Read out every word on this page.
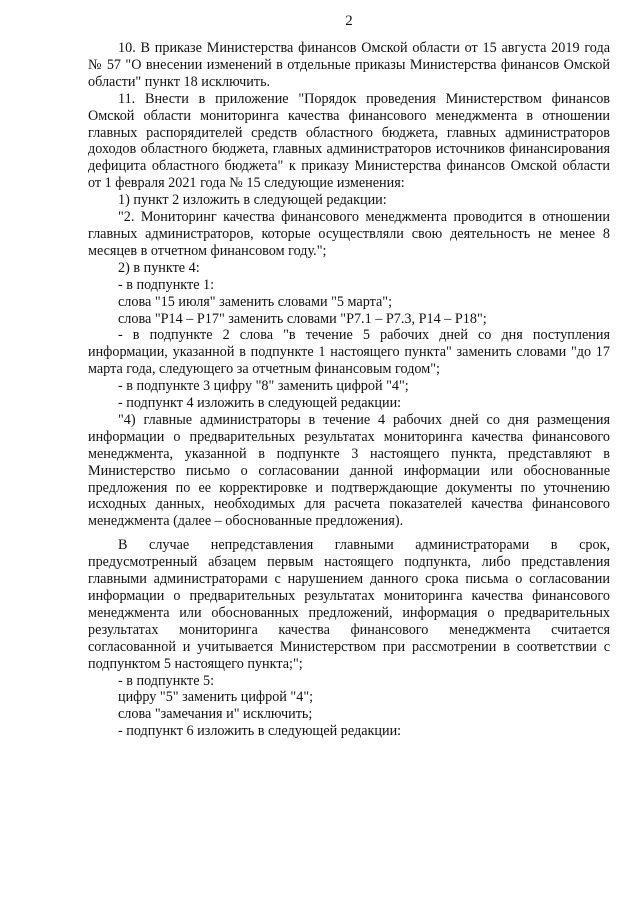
2

10. В приказе Министерства финансов Омской области от 15 августа 2019 года № 57 "О внесении изменений в отдельные приказы Министерства финансов Омской области" пункт 18 исключить.

11. Внести в приложение "Порядок проведения Министерством финансов Омской области мониторинга качества финансового менеджмента в отношении главных распорядителей средств областного бюджета, главных администраторов доходов областного бюджета, главных администраторов источников финансирования дефицита областного бюджета" к приказу Министерства финансов Омской области от 1 февраля 2021 года № 15 следующие изменения:

1) пункт 2 изложить в следующей редакции:

"2. Мониторинг качества финансового менеджмента проводится в отношении главных администраторов, которые осуществляли свою деятельность не менее 8 месяцев в отчетном финансовом году.";

2) в пункте 4:

- в подпункте 1:

слова "15 июля" заменить словами "5 марта";

слова "Р14 – Р17" заменить словами "Р7.1 – Р7.3, Р14 – Р18";

- в подпункте 2 слова "в течение 5 рабочих дней со дня поступления информации, указанной в подпункте 1 настоящего пункта" заменить словами "до 17 марта года, следующего за отчетным финансовым годом";

- в подпункте 3 цифру "8" заменить цифрой "4";

- подпункт 4 изложить в следующей редакции:

"4) главные администраторы в течение 4 рабочих дней со дня размещения информации о предварительных результатах мониторинга качества финансового менеджмента, указанной в подпункте 3 настоящего пункта, представляют в Министерство письмо о согласовании данной информации или обоснованные предложения по ее корректировке и подтверждающие документы по уточнению исходных данных, необходимых для расчета показателей качества финансового менеджмента (далее – обоснованные предложения).

В случае непредставления главными администраторами в срок, предусмотренный абзацем первым настоящего подпункта, либо представления главными администраторами с нарушением данного срока письма о согласовании информации о предварительных результатах мониторинга качества финансового менеджмента или обоснованных предложений, информация о предварительных результатах мониторинга качества финансового менеджмента считается согласованной и учитывается Министерством при рассмотрении в соответствии с подпунктом 5 настоящего пункта;";

- в подпункте 5:

цифру "5" заменить цифрой "4";

слова "замечания и" исключить;

- подпункт 6 изложить в следующей редакции:
